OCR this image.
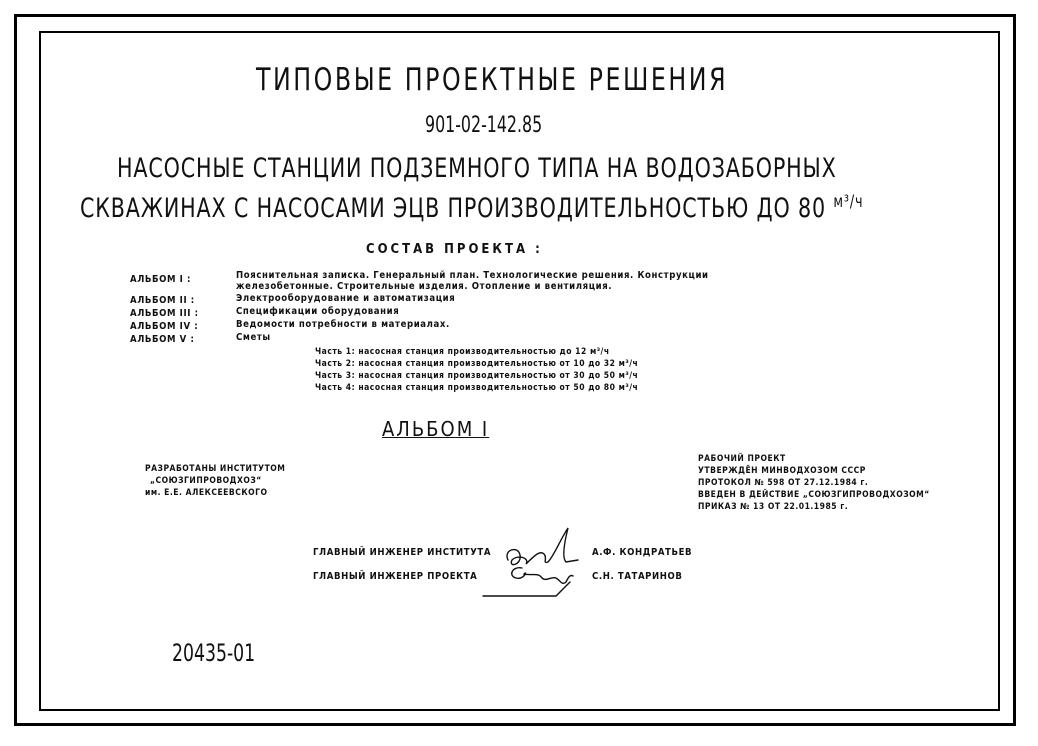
ТИПОВЫЕ ПРОЕКТНЫЕ РЕШЕНИЯ
901-02-142.85
НАСОСНЫЕ СТАНЦИИ ПОДЗЕМНОГО ТИПА НА ВОДОЗАБОРНЫХ
СКВАЖИНАХ С НАСОСАМИ ЭЦВ ПРОИЗВОДИТЕЛЬНОСТЬЮ ДО 80 $^{м^3/ч}$
СОСТАВ ПРОЕКТА :
АЛЬБОМ I :	Пояснительная записка. Генеральный план. Технологические решения. Конструкции
железобетонные. Строительные изделия. Отопление и вентиляция.
АЛЬБОМ II :	Электрооборудование и автоматизация
АЛЬБОМ III :	Спецификации оборудования
АЛЬБОМ IV :	Ведомости потребности в материалах.
АЛЬБОМ V :	Сметы
Часть 1: насосная станция производительностью до 12 м³/ч
Часть 2: насосная станция производительностью от 10 до 32 м³/ч
Часть 3: насосная станция производительностью от 30 до 50 м³/ч
Часть 4: насосная станция производительностью от 50 до 80 м³/ч
АЛЬБОМ I
РАЗРАБОТАНЫ ИНСТИТУТОМ
„СОЮЗГИПРОВОДХОЗ“
им. Е.Е. АЛЕКСЕЕВСКОГО
РАБОЧИЙ ПРОЕКТ
УТВЕРЖДЁН МИНВОДХОЗОМ СССР
ПРОТОКОЛ № 598 ОТ 27.12.1984 г.
ВВЕДЕН В ДЕЙСТВИЕ „СОЮЗГИПРОВОДХОЗОМ“
ПРИКАЗ № 13 ОТ 22.01.1985 г.
ГЛАВНЫЙ ИНЖЕНЕР ИНСТИТУТА	А.Ф. КОНДРАТЬЕВ
ГЛАВНЫЙ ИНЖЕНЕР ПРОЕКТА	С.Н. ТАТАРИНОВ
20435-01
